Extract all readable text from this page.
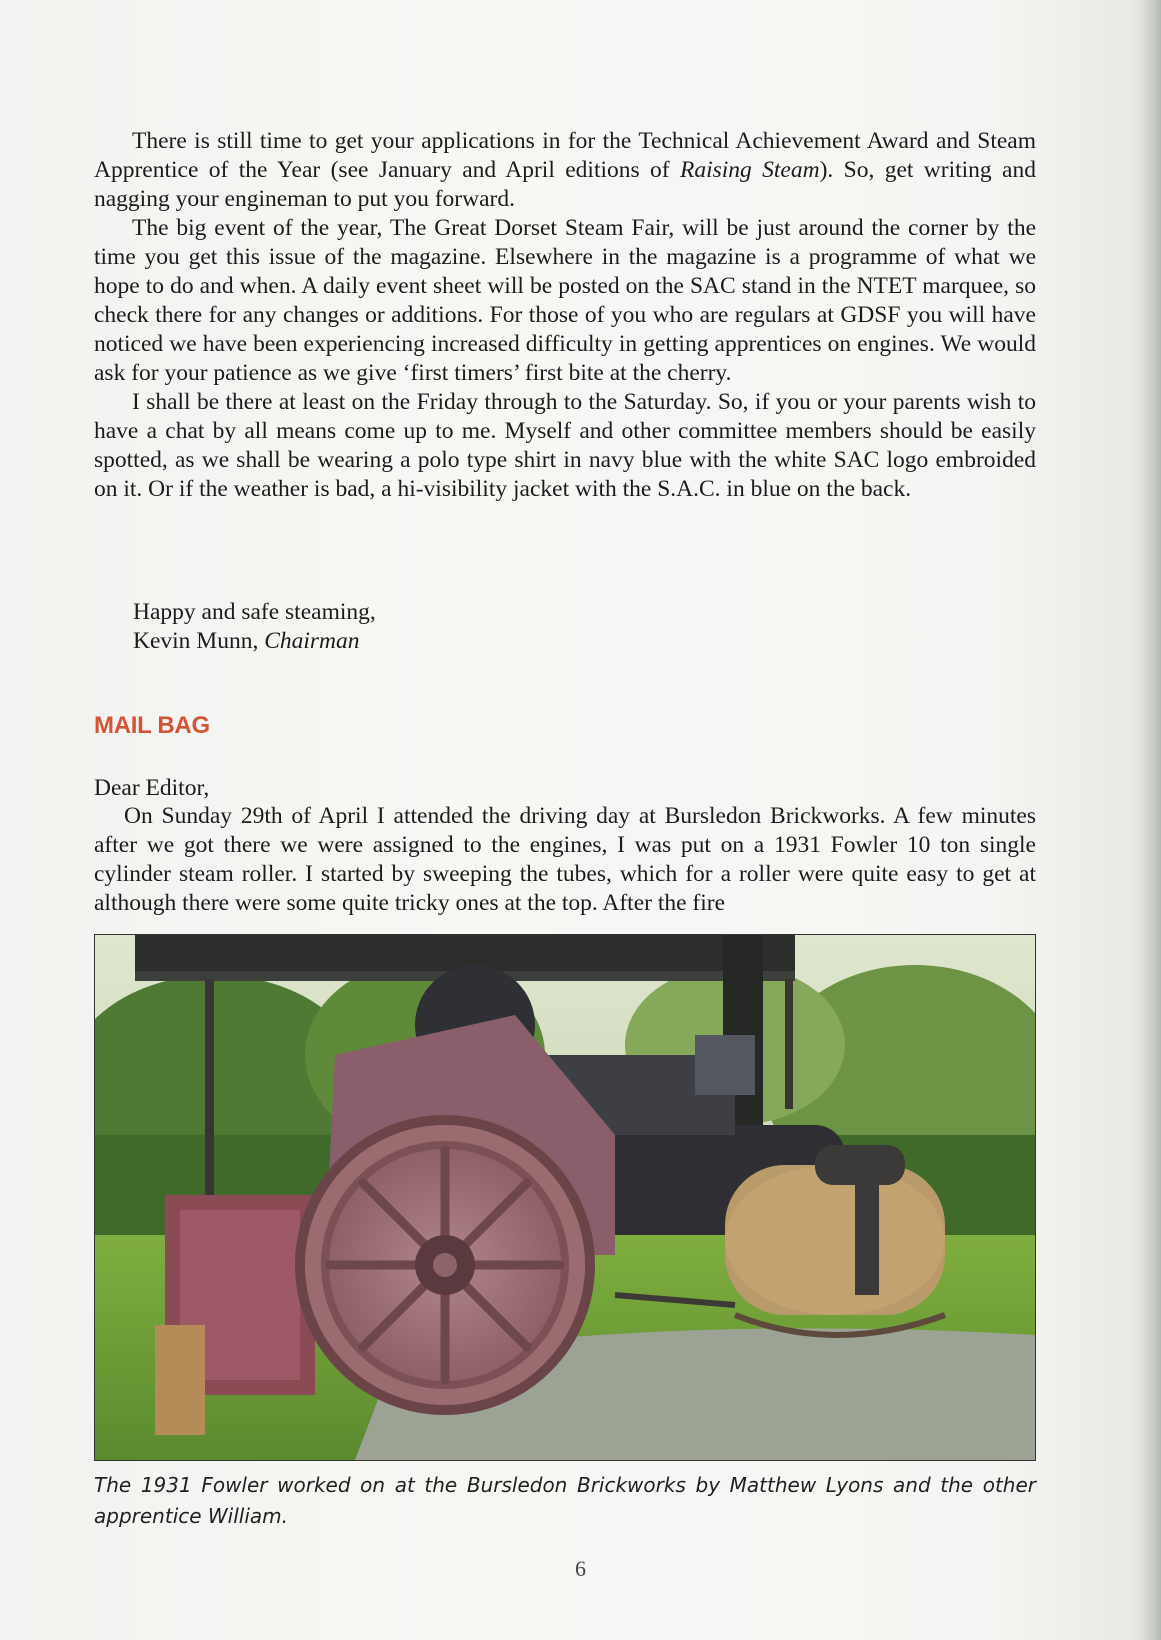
There is still time to get your applications in for the Technical Achievement Award and Steam Apprentice of the Year (see January and April editions of Raising Steam). So, get writing and nagging your engineman to put you forward.

The big event of the year, The Great Dorset Steam Fair, will be just around the corner by the time you get this issue of the magazine. Elsewhere in the magazine is a programme of what we hope to do and when. A daily event sheet will be posted on the SAC stand in the NTET marquee, so check there for any changes or additions. For those of you who are regulars at GDSF you will have noticed we have been experiencing increased difficulty in getting apprentices on engines. We would ask for your patience as we give ‘first timers’ first bite at the cherry.

I shall be there at least on the Friday through to the Saturday. So, if you or your parents wish to have a chat by all means come up to me. Myself and other committee members should be easily spotted, as we shall be wearing a polo type shirt in navy blue with the white SAC logo embroided on it. Or if the weather is bad, a hi-visibility jacket with the S.A.C. in blue on the back.

Happy and safe steaming,
Kevin Munn, Chairman
MAIL BAG
Dear Editor,

On Sunday 29th of April I attended the driving day at Bursledon Brickworks. A few minutes after we got there we were assigned to the engines, I was put on a 1931 Fowler 10 ton single cylinder steam roller. I started by sweeping the tubes, which for a roller were quite easy to get at although there were some quite tricky ones at the top. After the fire

The 1931 Fowler worked on at the Bursledon Brickworks by Matthew Lyons and the other apprentice William.
6
